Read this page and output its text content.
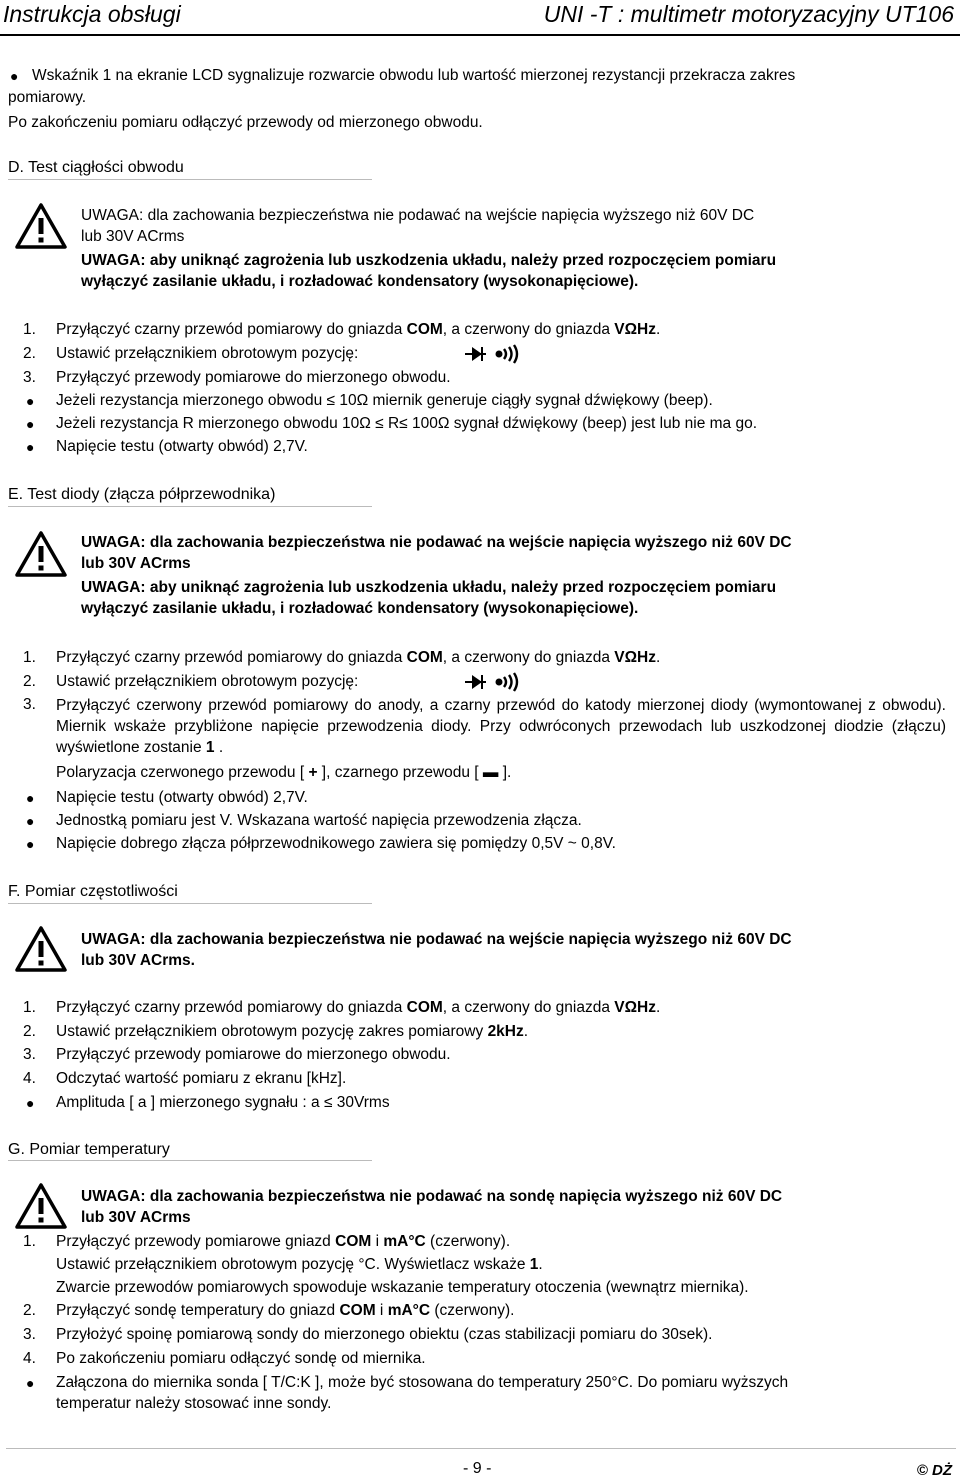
Instrukcja obsługi	UNI -T : multimetr motoryzacyjny UT106

● Wskaźnik 1 na ekranie LCD sygnalizuje rozwarcie obwodu lub wartość mierzonej rezystancji przekracza zakres

pomiarowy.

Po zakończeniu pomiaru odłączyć przewody od mierzonego obwodu.

D. Test ciągłości obwodu

UWAGA: dla zachowania bezpieczeństwa nie podawać na wejście napięcia wyższego niż 60V DC

lub 30V ACrms

UWAGA: aby uniknąć zagrożenia lub uszkodzenia układu, należy przed rozpoczęciem pomiaru

wyłączyć zasilanie układu, i rozładować kondensatory (wysokonapięciowe).

1. Przyłączyć czarny przewód pomiarowy do gniazda COM, a czerwony do gniazda VΩHz.

2. Ustawić przełącznikiem obrotowym pozycję:

3. Przyłączyć przewody pomiarowe do mierzonego obwodu.

● Jeżeli rezystancja mierzonego obwodu ≤ 10Ω miernik generuje ciągły sygnał dźwiękowy (beep).

● Jeżeli rezystancja R mierzonego obwodu 10Ω ≤ R≤ 100Ω sygnał dźwiękowy (beep) jest lub nie ma go.

● Napięcie testu (otwarty obwód) 2,7V.

E. Test diody (złącza półprzewodnika)

UWAGA: dla zachowania bezpieczeństwa nie podawać na wejście napięcia wyższego niż 60V DC

lub 30V ACrms

UWAGA: aby uniknąć zagrożenia lub uszkodzenia układu, należy przed rozpoczęciem pomiaru

wyłączyć zasilanie układu, i rozładować kondensatory (wysokonapięciowe).

1. Przyłączyć czarny przewód pomiarowy do gniazda COM, a czerwony do gniazda VΩHz.

2. Ustawić przełącznikiem obrotowym pozycję:

3. Przyłączyć czerwony przewód pomiarowy do anody, a czarny przewód do katody mierzonej diody (wymontowanej z obwodu). Miernik wskaże przybliżone napięcie przewodzenia diody. Przy odwróconych przewodach lub uszkodzonej diodzie (złączu) wyświetlone zostanie 1 .

Polaryzacja czerwonego przewodu [ + ], czarnego przewodu [ ▬ ].

● Napięcie testu (otwarty obwód) 2,7V.

● Jednostką pomiaru jest V. Wskazana wartość napięcia przewodzenia złącza.

● Napięcie dobrego złącza półprzewodnikowego zawiera się pomiędzy 0,5V ~ 0,8V.

F. Pomiar częstotliwości

UWAGA: dla zachowania bezpieczeństwa nie podawać na wejście napięcia wyższego niż 60V DC

lub 30V ACrms.

1. Przyłączyć czarny przewód pomiarowy do gniazda COM, a czerwony do gniazda VΩHz.

2. Ustawić przełącznikiem obrotowym pozycję zakres pomiarowy 2kHz.

3. Przyłączyć przewody pomiarowe do mierzonego obwodu.

4. Odczytać wartość pomiaru z ekranu [kHz].

● Amplituda [ a ] mierzonego sygnału : a ≤ 30Vrms

G. Pomiar temperatury

UWAGA: dla zachowania bezpieczeństwa nie podawać na sondę napięcia wyższego niż 60V DC

lub 30V ACrms

1. Przyłączyć przewody pomiarowe gniazd COM i mA°C (czerwony).

Ustawić przełącznikiem obrotowym pozycję °C. Wyświetlacz wskaże 1.

Zwarcie przewodów pomiarowych spowoduje wskazanie temperatury otoczenia (wewnątrz miernika).

2. Przyłączyć sondę temperatury do gniazd COM i mA°C (czerwony).

3. Przyłożyć spoinę pomiarową sondy do mierzonego obiektu (czas stabilizacji pomiaru do 30sek).

4. Po zakończeniu pomiaru odłączyć sondę od miernika.

● Załączona do miernika sonda [ T/C:K ], może być stosowana do temperatury 250°C. Do pomiaru wyższych

temperatur należy stosować inne sondy.

- 9 -	© DŻ
